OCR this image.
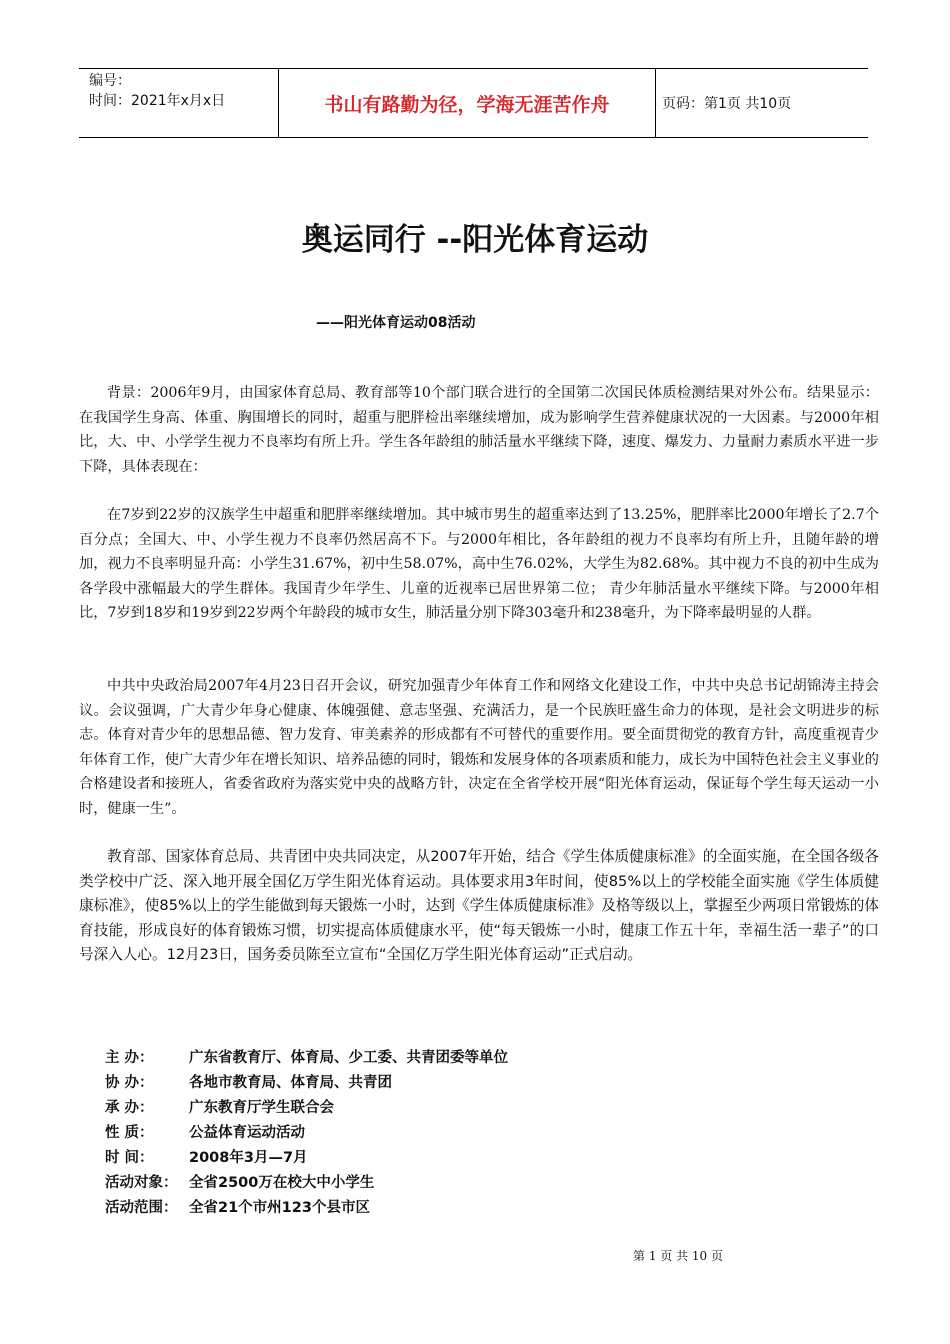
编号：
时间：2021年x月x日	书山有路勤为径，学海无涯苦作舟	页码：第1页 共10页
奥运同行 --阳光体育运动
——阳光体育运动08活动

背景：2006年9月，由国家体育总局、教育部等10个部门联合进行的全国第二次国民体质检测结果对外公布。结果显示：在我国学生身高、体重、胸围增长的同时，超重与肥胖检出率继续增加，成为影响学生营养健康状况的一大因素。与2000年相比，大、中、小学学生视力不良率均有所上升。学生各年龄组的肺活量水平继续下降，速度、爆发力、力量耐力素质水平进一步下降，具体表现在：

在7岁到22岁的汉族学生中超重和肥胖率继续增加。其中城市男生的超重率达到了13.25%，肥胖率比2000年增长了2.7个百分点；全国大、中、小学生视力不良率仍然居高不下。与2000年相比，各年龄组的视力不良率均有所上升，且随年龄的增加，视力不良率明显升高：小学生31.67%，初中生58.07%，高中生76.02%，大学生为82.68%。其中视力不良的初中生成为各学段中涨幅最大的学生群体。我国青少年学生、儿童的近视率已居世界第二位； 青少年肺活量水平继续下降。与2000年相比，7岁到18岁和19岁到22岁两个年龄段的城市女生，肺活量分别下降303毫升和238毫升，为下降率最明显的人群。

中共中央政治局2007年4月23日召开会议，研究加强青少年体育工作和网络文化建设工作，中共中央总书记胡锦涛主持会议。会议强调，广大青少年身心健康、体魄强健、意志坚强、充满活力，是一个民族旺盛生命力的体现，是社会文明进步的标志。体育对青少年的思想品德、智力发育、审美素养的形成都有不可替代的重要作用。要全面贯彻党的教育方针，高度重视青少年体育工作，使广大青少年在增长知识、培养品德的同时，锻炼和发展身体的各项素质和能力，成长为中国特色社会主义事业的合格建设者和接班人，省委省政府为落实党中央的战略方针，决定在全省学校开展“阳光体育运动，保证每个学生每天运动一小时，健康一生”。

教育部、国家体育总局、共青团中央共同决定，从2007年开始，结合《学生体质健康标准》的全面实施，在全国各级各类学校中广泛、深入地开展全国亿万学生阳光体育运动。具体要求用3年时间，使85%以上的学校能全面实施《学生体质健康标准》，使85%以上的学生能做到每天锻炼一小时，达到《学生体质健康标准》及格等级以上，掌握至少两项日常锻炼的体育技能，形成良好的体育锻炼习惯，切实提高体质健康水平，使“每天锻炼一小时，健康工作五十年，幸福生活一辈子”的口号深入人心。12月23日，国务委员陈至立宣布“全国亿万学生阳光体育运动”正式启动。

主 办：	广东省教育厅、体育局、少工委、共青团委等单位
协 办：	各地市教育局、体育局、共青团
承 办：	广东教育厅学生联合会
性 质：	公益体育运动活动
时 间：	2008年3月—7月
活动对象： 全省2500万在校大中小学生
活动范围： 全省21个市州123个县市区
第 1 页 共 10 页
